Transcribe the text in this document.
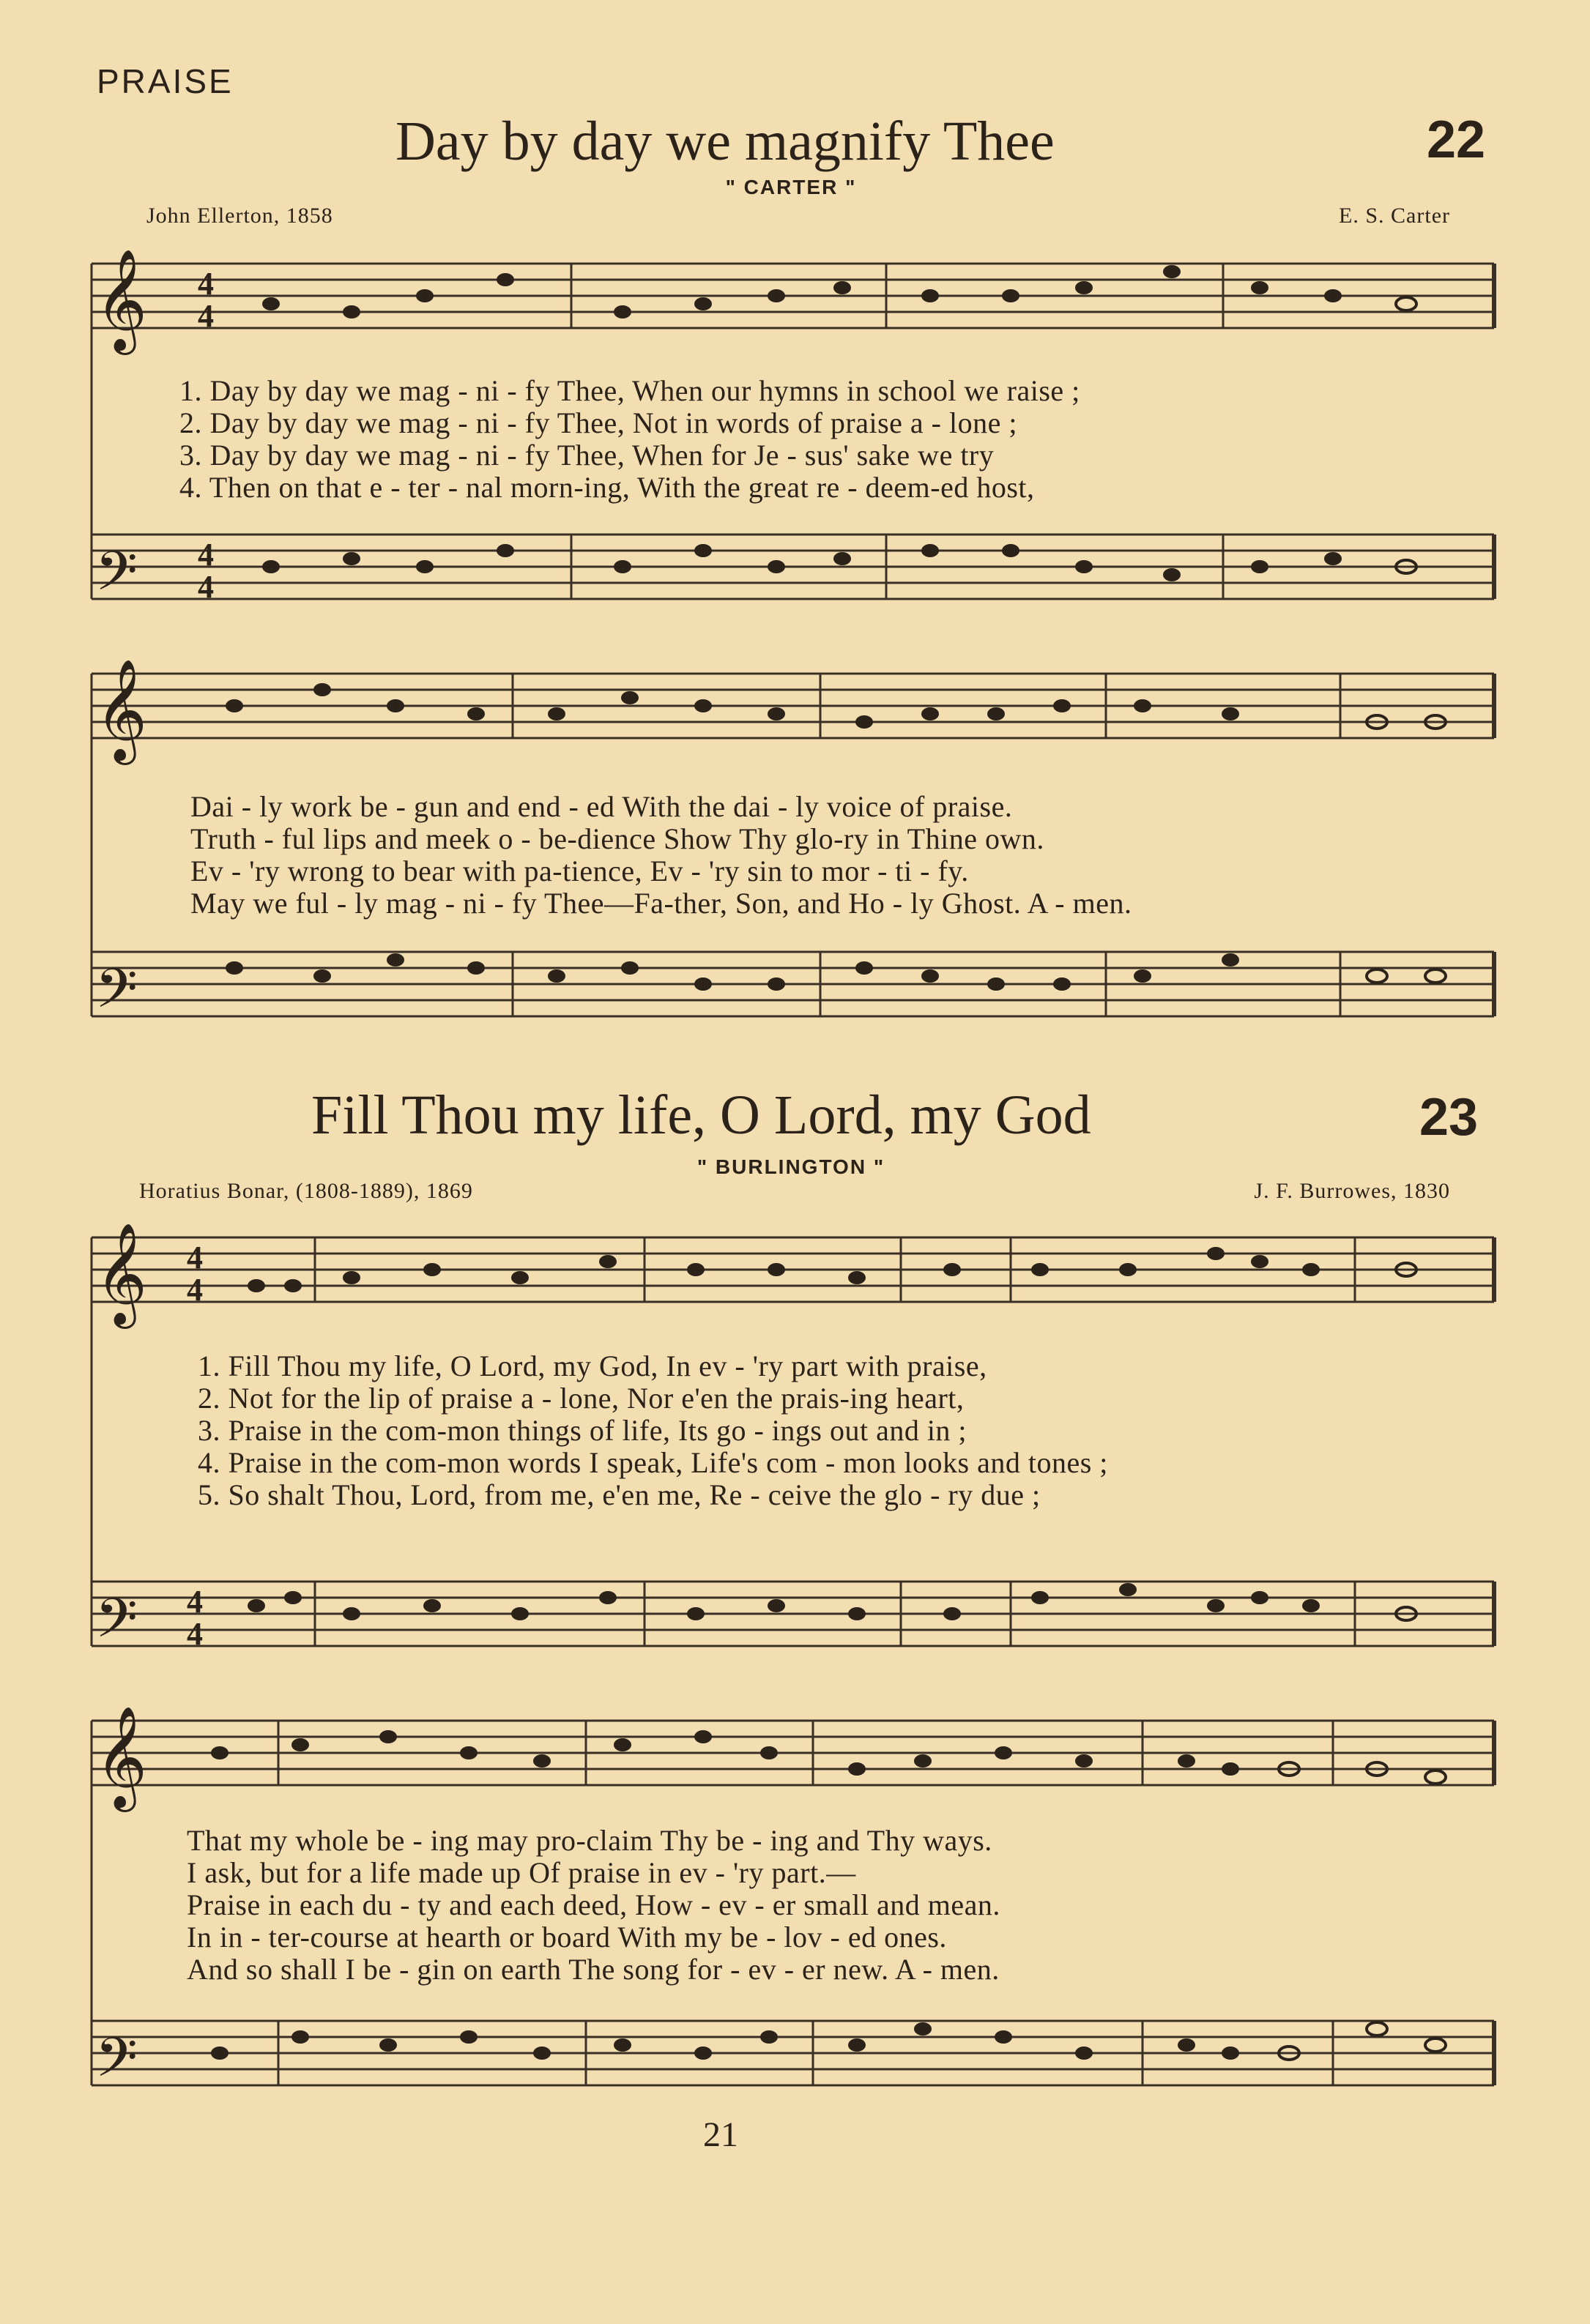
PRAISE
Day by day we magnify Thee	22
" CARTER "
John Ellerton, 1858	E. S. Carter
𝄞
𝄢
𝄞
𝄢
4
4
4
4
1. Day by day we mag - ni - fy Thee, When our hymns in school we raise ;
2. Day by day we mag - ni - fy Thee, Not in words of praise a - lone ;
3. Day by day we mag - ni - fy Thee, When for Je - sus' sake we try
4. Then on that e - ter - nal morn-ing, With the great re - deem-ed host,
Dai - ly work be - gun and end - ed With the dai - ly voice of praise.
Truth - ful lips and meek o - be-dience Show Thy glo-ry in Thine own.
Ev - 'ry wrong to bear with pa-tience, Ev - 'ry sin to mor - ti - fy.
May we ful - ly mag - ni - fy Thee—Fa-ther, Son, and Ho - ly Ghost. A - men.
Fill Thou my life, O Lord, my God	23
" BURLINGTON "
Horatius Bonar, (1808-1889), 1869	J. F. Burrowes, 1830
𝄞
𝄢
𝄞
𝄢
4
4
4
4
1. Fill Thou my life, O Lord, my God, In ev - 'ry part with praise,
2. Not for the lip of praise a - lone, Nor e'en the prais-ing heart,
3. Praise in the com-mon things of life, Its go - ings out and in ;
4. Praise in the com-mon words I speak, Life's com - mon looks and tones ;
5. So shalt Thou, Lord, from me, e'en me, Re - ceive the glo - ry due ;
That my whole be - ing may pro-claim Thy be - ing and Thy ways.
I ask, but for a life made up Of praise in ev - 'ry part.—
Praise in each du - ty and each deed, How - ev - er small and mean.
In in - ter-course at hearth or board With my be - lov - ed ones.
And so shall I be - gin on earth The song for - ev - er new. A - men.
21
